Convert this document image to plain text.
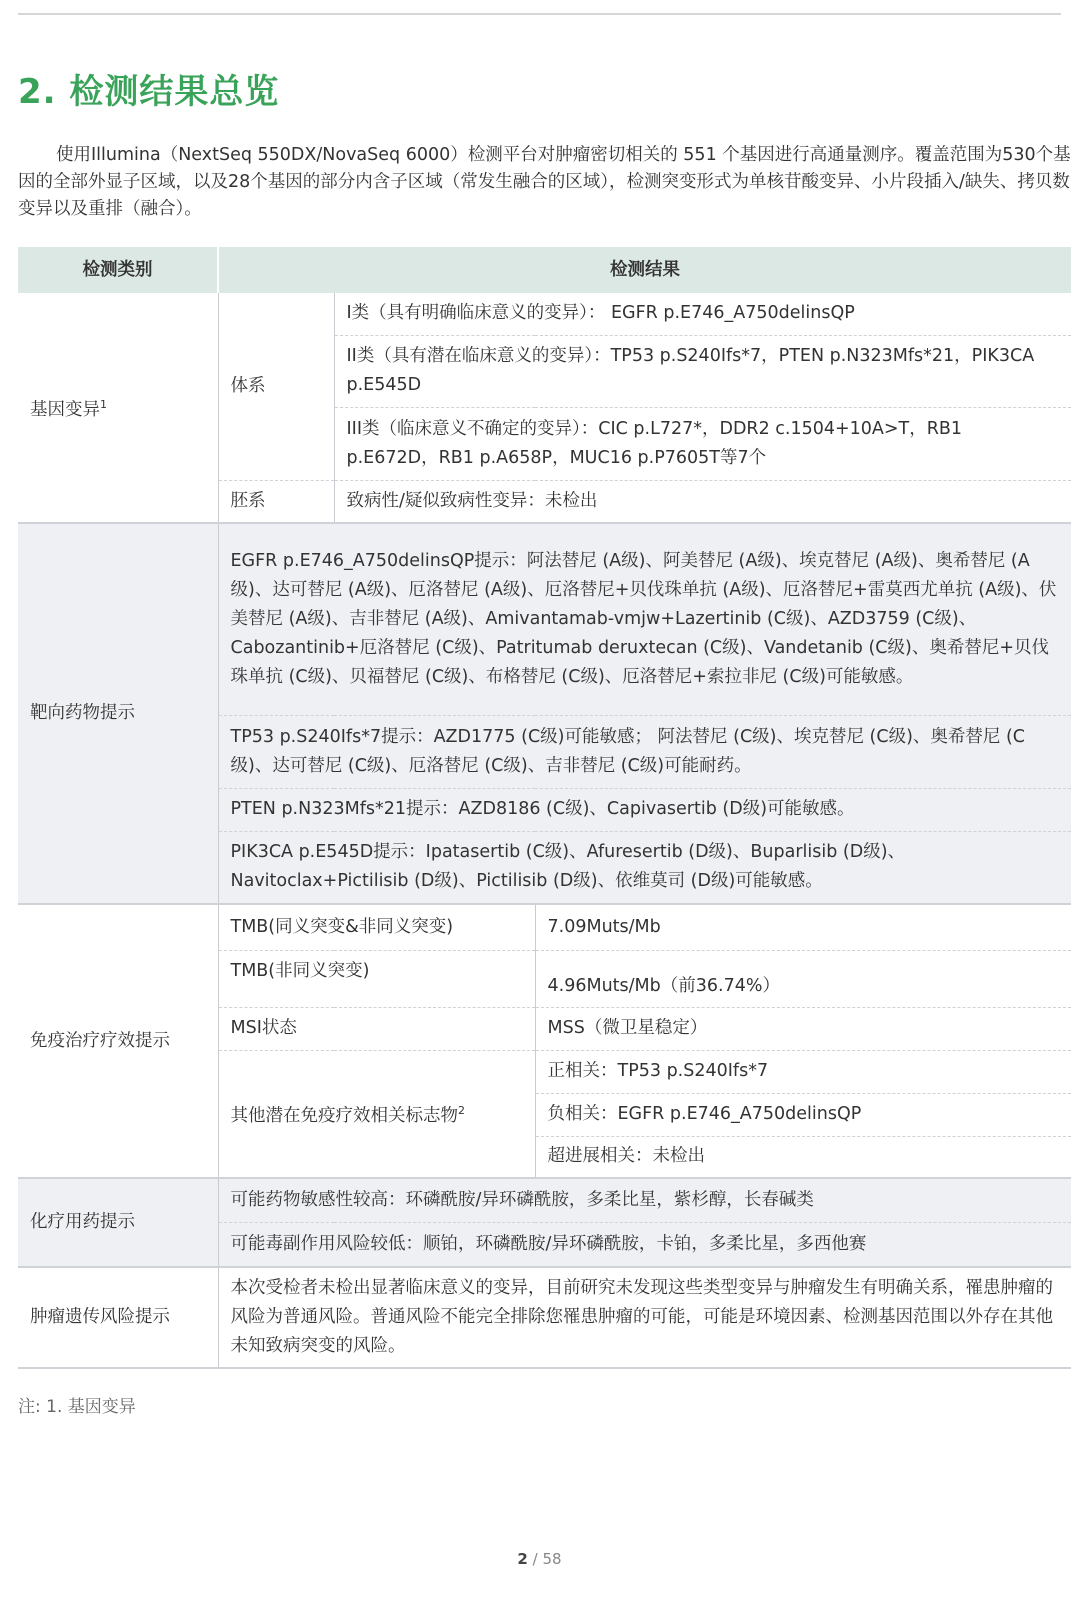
2. 检测结果总览
使用Illumina（NextSeq 550DX/NovaSeq 6000）检测平台对肿瘤密切相关的 551 个基因进行高通量测序。覆盖范围为530个基因的全部外显子区域，以及28个基因的部分内含子区域（常发生融合的区域），检测突变形式为单核苷酸变异、小片段插入/缺失、拷贝数变异以及重排（融合）。
检测类别	检测结果		
基因变异$^1$	体系	I类（具有明确临床意义的变异）： EGFR p.E746_A750delinsQP	
		II类（具有潜在临床意义的变异）：TP53 p.S240Ifs*7，PTEN p.N323Mfs*21，PIK3CA p.E545D	
		III类（临床意义不确定的变异）：CIC p.L727*，DDR2 c.1504+10A>T，RB1 p.E672D，RB1 p.A658P，MUC16 p.P7605T等7个	
	胚系	致病性/疑似致病性变异：未检出	
靶向药物提示	EGFR p.E746_A750delinsQP提示：阿法替尼 (A级)、阿美替尼 (A级)、埃克替尼 (A级)、奥希替尼 (A级)、达可替尼 (A级)、厄洛替尼 (A级)、厄洛替尼+贝伐珠单抗 (A级)、厄洛替尼+雷莫西尤单抗 (A级)、伏美替尼 (A级)、吉非替尼 (A级)、Amivantamab-vmjw+Lazertinib (C级)、AZD3759 (C级)、Cabozantinib+厄洛替尼 (C级)、Patritumab deruxtecan (C级)、Vandetanib (C级)、奥希替尼+贝伐珠单抗 (C级)、贝福替尼 (C级)、布格替尼 (C级)、厄洛替尼+索拉非尼 (C级)可能敏感。		
	TP53 p.S240Ifs*7提示：AZD1775 (C级)可能敏感； 阿法替尼 (C级)、埃克替尼 (C级)、奥希替尼 (C级)、达可替尼 (C级)、厄洛替尼 (C级)、吉非替尼 (C级)可能耐药。		
	PTEN p.N323Mfs*21提示：AZD8186 (C级)、Capivasertib (D级)可能敏感。		
	PIK3CA p.E545D提示：Ipatasertib (C级)、Afuresertib (D级)、Buparlisib (D级)、Navitoclax+Pictilisib (D级)、Pictilisib (D级)、依维莫司 (D级)可能敏感。		
免疫治疗疗效提示	TMB(同义突变&非同义突变)		7.09Muts/Mb
	TMB(非同义突变)		4.96Muts/Mb（前36.74%）
	MSI状态		MSS（微卫星稳定）
	其他潜在免疫疗效相关标志物$^2$		正相关：TP53 p.S240Ifs*7
			负相关：EGFR p.E746_A750delinsQP
			超进展相关：未检出
化疗用药提示	可能药物敏感性较高：环磷酰胺/异环磷酰胺，多柔比星，紫杉醇，长春碱类		
	可能毒副作用风险较低：顺铂，环磷酰胺/异环磷酰胺，卡铂，多柔比星，多西他赛		
肿瘤遗传风险提示	本次受检者未检出显著临床意义的变异，目前研究未发现这些类型变异与肿瘤发生有明确关系，罹患肿瘤的风险为普通风险。普通风险不能完全排除您罹患肿瘤的可能，可能是环境因素、检测基因范围以外存在其他未知致病突变的风险。		
注: 1. 基因变异
2 / 58
